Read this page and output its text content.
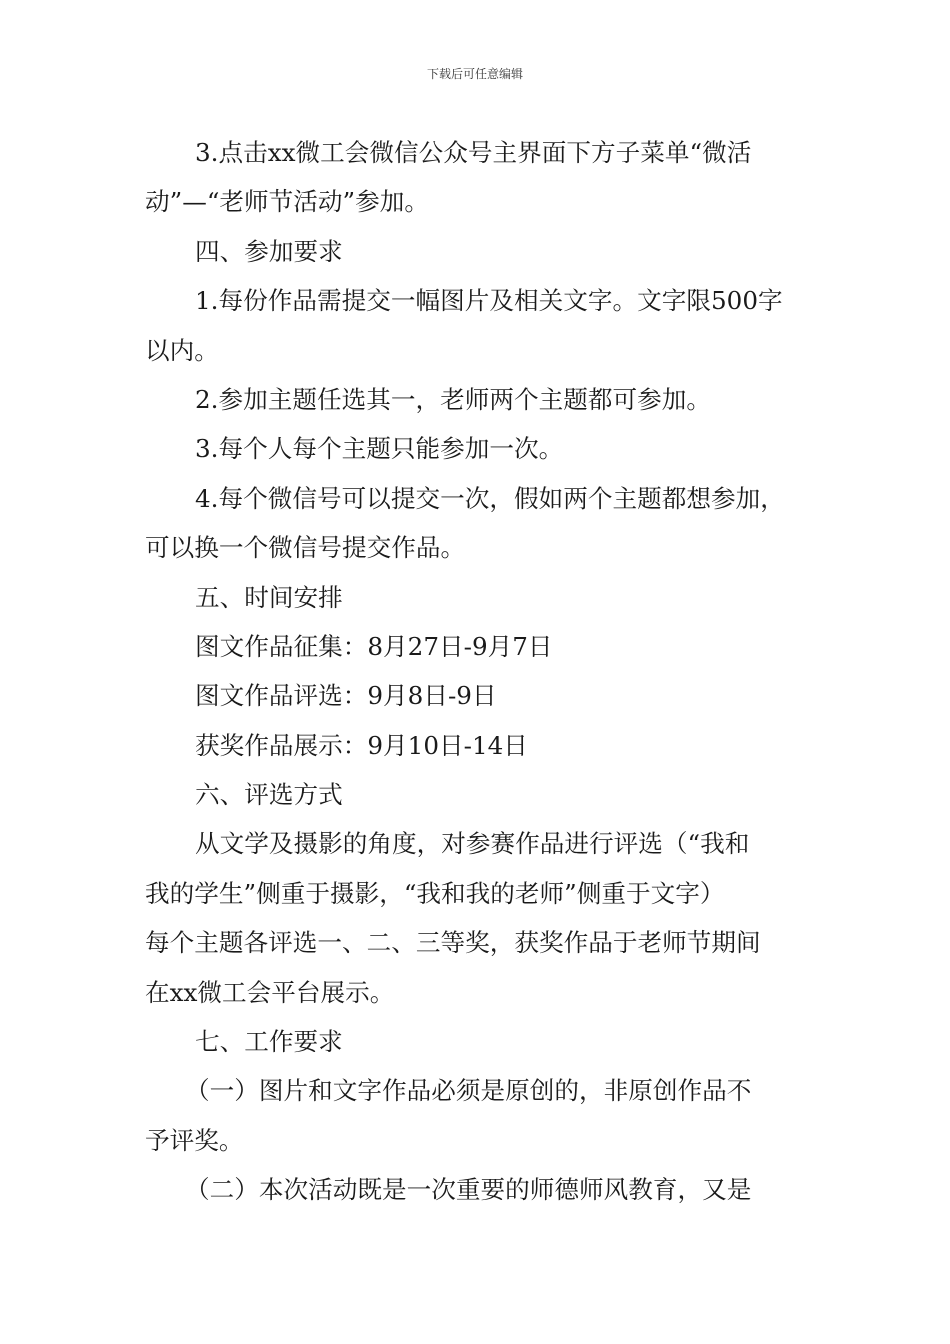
下载后可任意编辑
3.点击xx微工会微信公众号主界面下方子菜单“微活
动”—“老师节活动”参加。
四、参加要求
1.每份作品需提交一幅图片及相关文字。文字限500字
以内。
2.参加主题任选其一，老师两个主题都可参加。
3.每个人每个主题只能参加一次。
4.每个微信号可以提交一次，假如两个主题都想参加，
可以换一个微信号提交作品。
五、时间安排
图文作品征集：8月27日-9月7日
图文作品评选：9月8日-9日
获奖作品展示：9月10日-14日
六、评选方式
从文学及摄影的角度，对参赛作品进行评选（“我和
我的学生”侧重于摄影，“我和我的老师”侧重于文字）
每个主题各评选一、二、三等奖，获奖作品于老师节期间
在xx微工会平台展示。
七、工作要求
（一）图片和文字作品必须是原创的，非原创作品不
予评奖。
（二）本次活动既是一次重要的师德师风教育，又是
